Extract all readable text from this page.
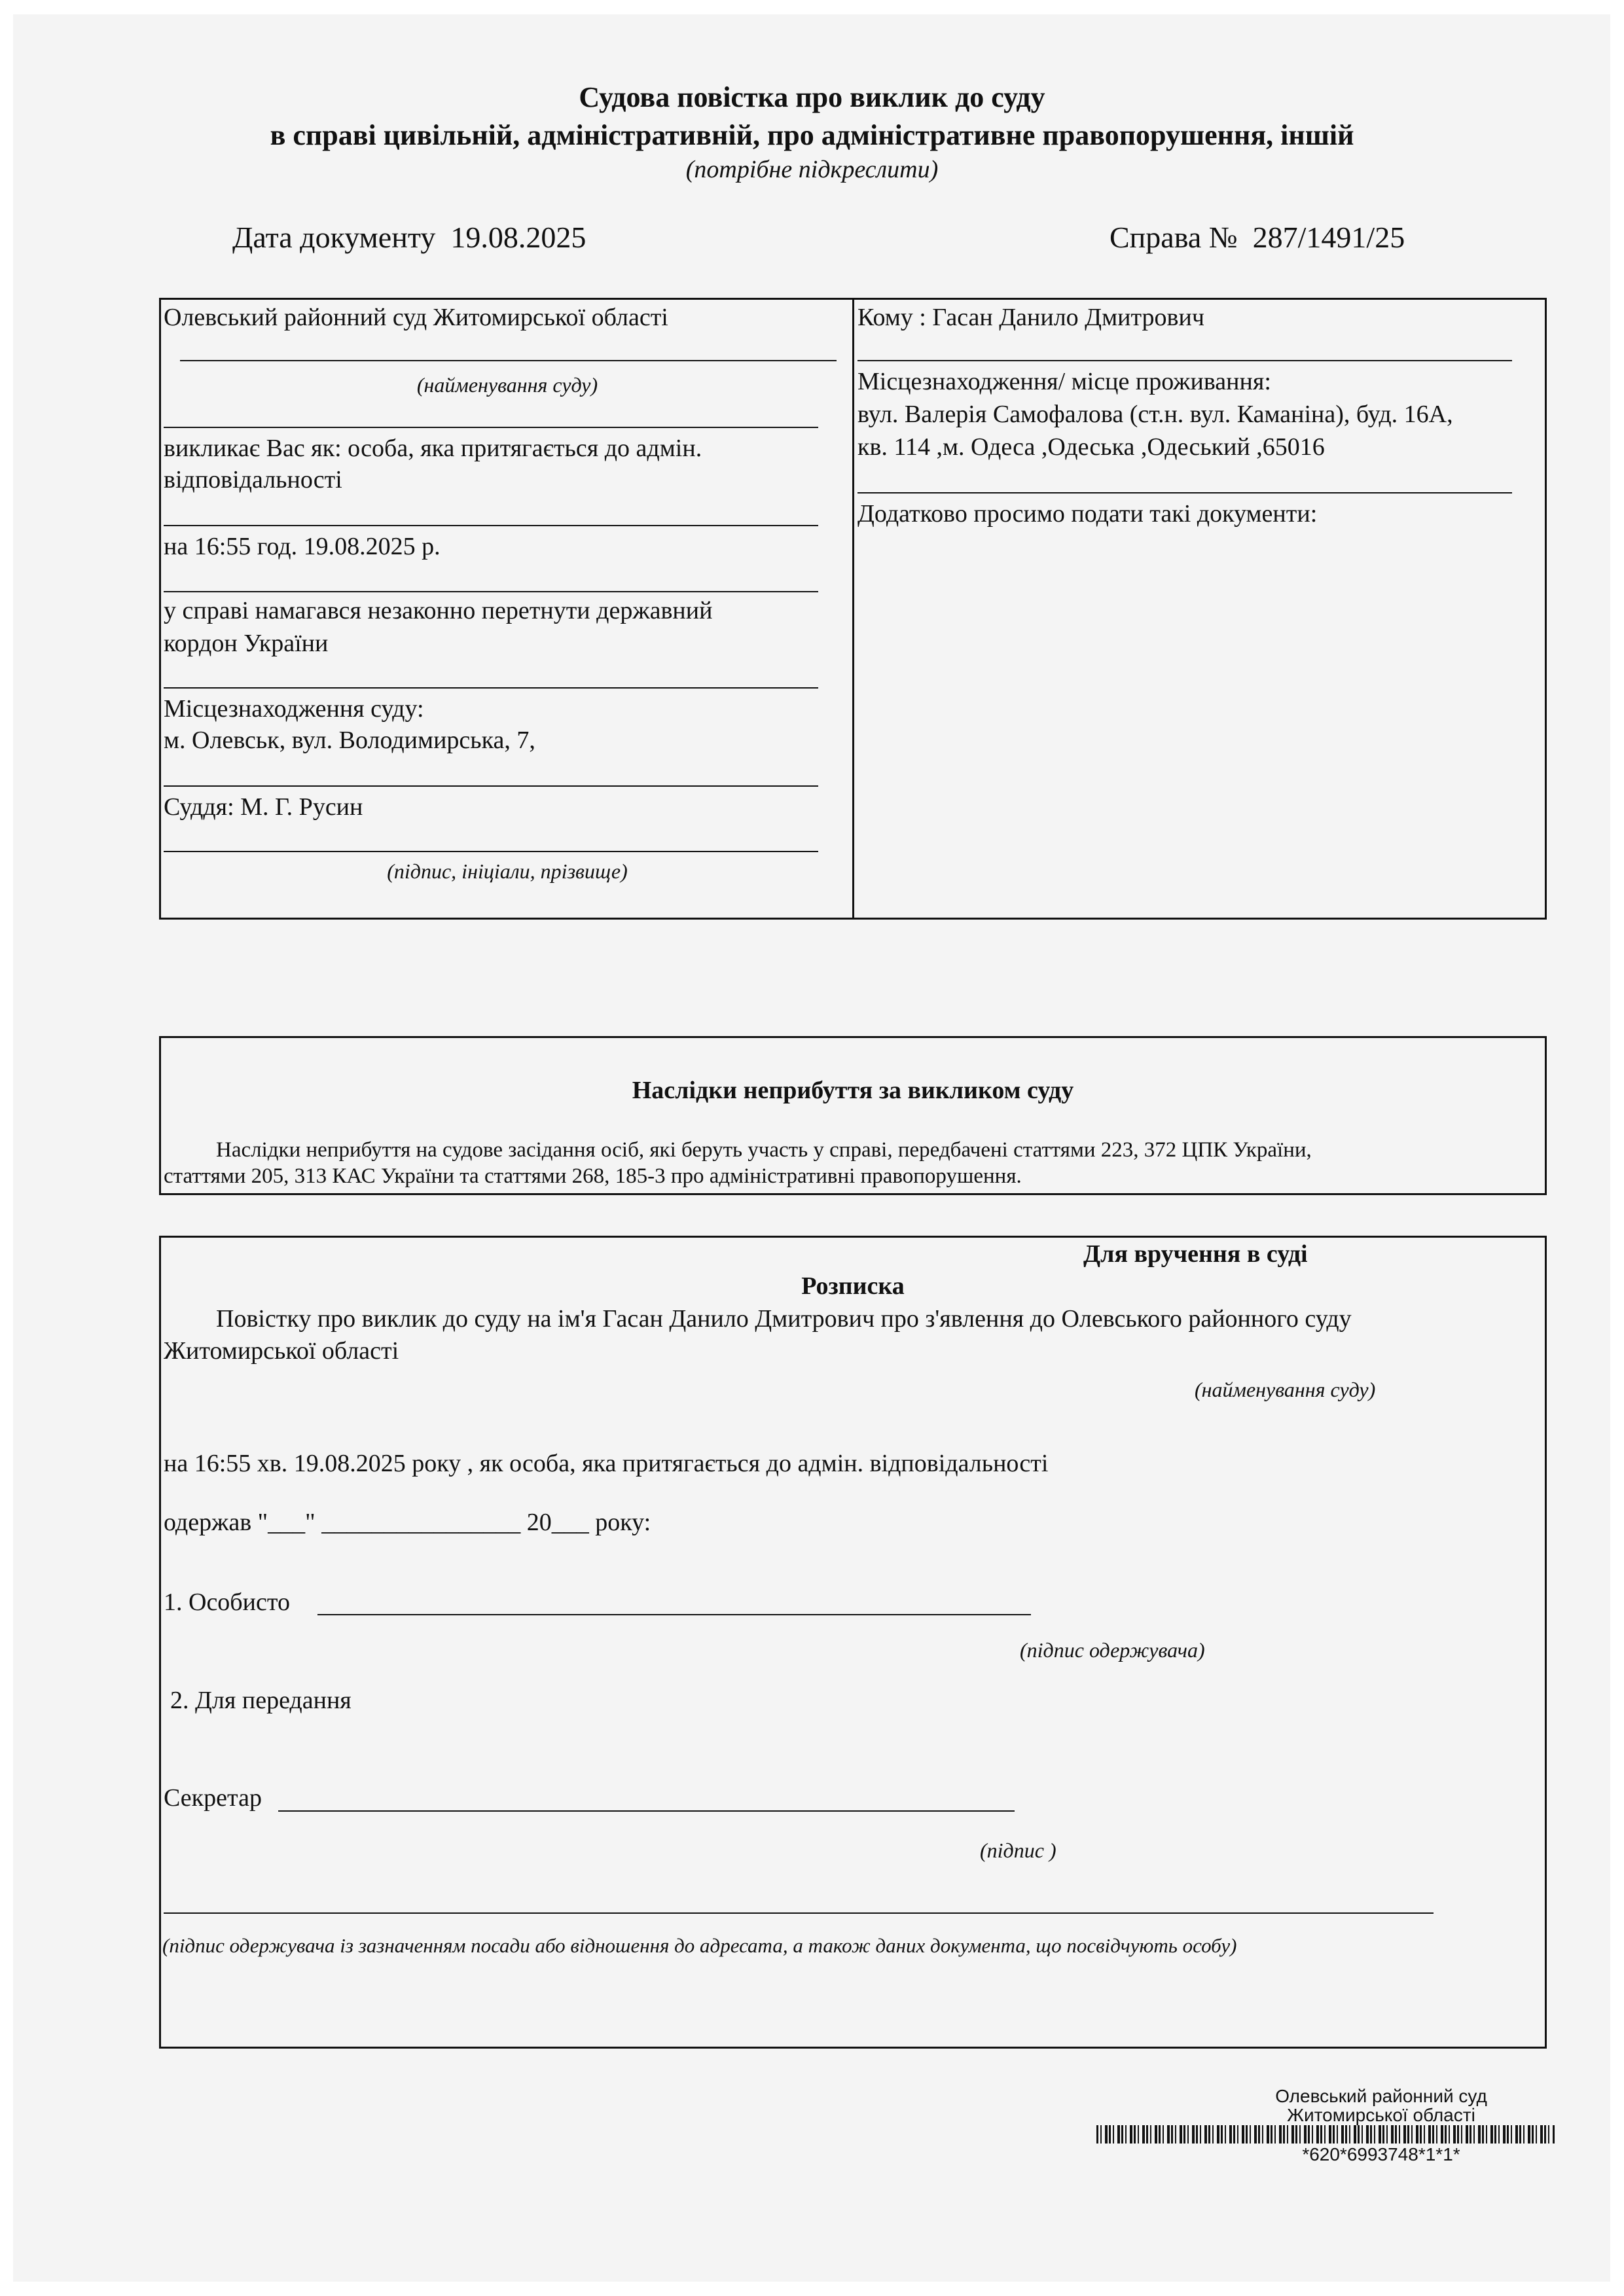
Судова повістка про виклик до суду
в справі цивільній, адміністративній, про адміністративне правопорушення, іншій
(потрібне підкреслити)
Дата документу 19.08.2025	Справа № 287/1491/25
Олевський районний суд Житомирської області
(найменування суду)
викликає Вас як: особа, яка притягається до адмін.
відповідальності
на 16:55 год. 19.08.2025 р.
у справі намагався незаконно перетнути державний
кордон України
Місцезнаходження суду:
м. Олевськ, вул. Володимирська, 7,
Суддя: М. Г. Русин
(підпис, ініціали, прізвище)
Кому : Гасан Данило Дмитрович
Місцезнаходження/ місце проживання:
вул. Валерія Самофалова (ст.н. вул. Каманіна), буд. 16А,
кв. 114 ,м. Одеса ,Одеська ,Одеський ,65016
Додатково просимо подати такі документи:
Наслідки неприбуття за викликом суду
Наслідки неприбуття на судове засідання осіб, які беруть участь у справі, передбачені статтями 223, 372 ЦПК України,
статтями 205, 313 КАС України та статтями 268, 185-3 про адміністративні правопорушення.
Для вручення в суді
Розписка
Повістку про виклик до суду на ім'я Гасан Данило Дмитрович про з'явлення до Олевського районного суду
Житомирської області
(найменування суду)
на 16:55 хв. 19.08.2025 року , як особа, яка притягається до адмін. відповідальності
одержав "___" ________________ 20___ року:
1. Особисто
(підпис одержувача)
2. Для передання
Секретар
(підпис )
(підпис одержувача із зазначенням посади або відношення до адресата, а також даних документа, що посвідчують особу)
Олевський районний суд
Житомирської області
*620*6993748*1*1*
